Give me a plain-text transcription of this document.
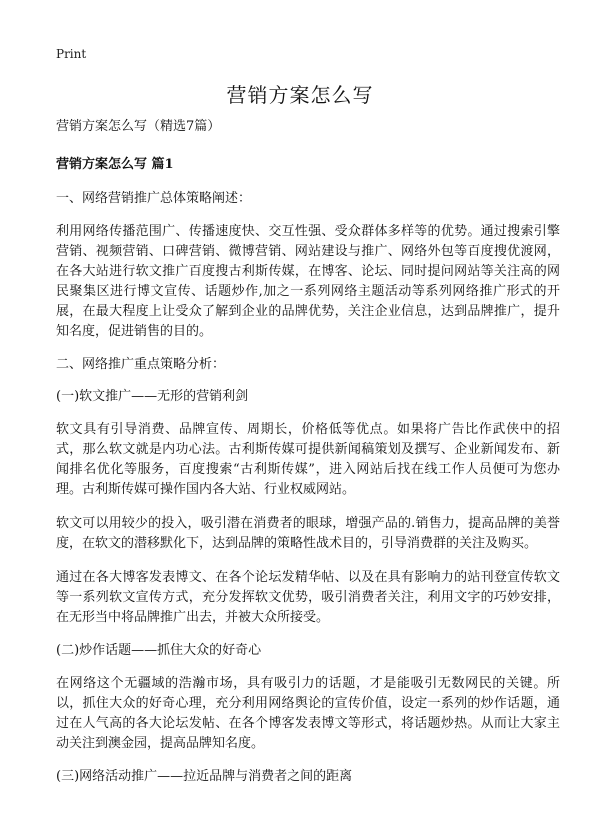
Print
营销方案怎么写

营销方案怎么写（精选7篇）

营销方案怎么写 篇1

一、网络营销推广总体策略阐述：

利用网络传播范围广、传播速度快、交互性强、受众群体多样等的优势。通过搜索引擎营销、视频营销、口碑营销、微博营销、网站建设与推广、网络外包等百度搜优渡网，在各大站进行软文推广百度搜古利斯传媒，在博客、论坛、同时提问网站等关注高的网民聚集区进行博文宣传、话题炒作,加之一系列网络主题活动等系列网络推广形式的开展，在最大程度上让受众了解到企业的品牌优势，关注企业信息，达到品牌推广，提升知名度，促进销售的目的。

二、网络推广重点策略分析：

(一)软文推广——无形的营销利剑

软文具有引导消费、品牌宣传、周期长，价格低等优点。如果将广告比作武侠中的招式，那么软文就是内功心法。古利斯传媒可提供新闻稿策划及撰写、企业新闻发布、新闻排名优化等服务，百度搜索“古利斯传媒”，进入网站后找在线工作人员便可为您办理。古利斯传媒可操作国内各大站、行业权威网站。

软文可以用较少的投入，吸引潜在消费者的眼球，增强产品的.销售力，提高品牌的美誉度，在软文的潜移默化下，达到品牌的策略性战术目的，引导消费群的关注及购买。

通过在各大博客发表博文、在各个论坛发精华帖、以及在具有影响力的站刊登宣传软文等一系列软文宣传方式，充分发挥软文优势，吸引消费者关注，利用文字的巧妙安排，在无形当中将品牌推广出去，并被大众所接受。

(二)炒作话题——抓住大众的好奇心

在网络这个无疆域的浩瀚市场，具有吸引力的话题，才是能吸引无数网民的关键。所以，抓住大众的好奇心理，充分利用网络舆论的宣传价值，设定一系列的炒作话题，通过在人气高的各大论坛发帖、在各个博客发表博文等形式，将话题炒热。从而让大家主动关注到澳金园，提高品牌知名度。

(三)网络活动推广——拉近品牌与消费者之间的距离
